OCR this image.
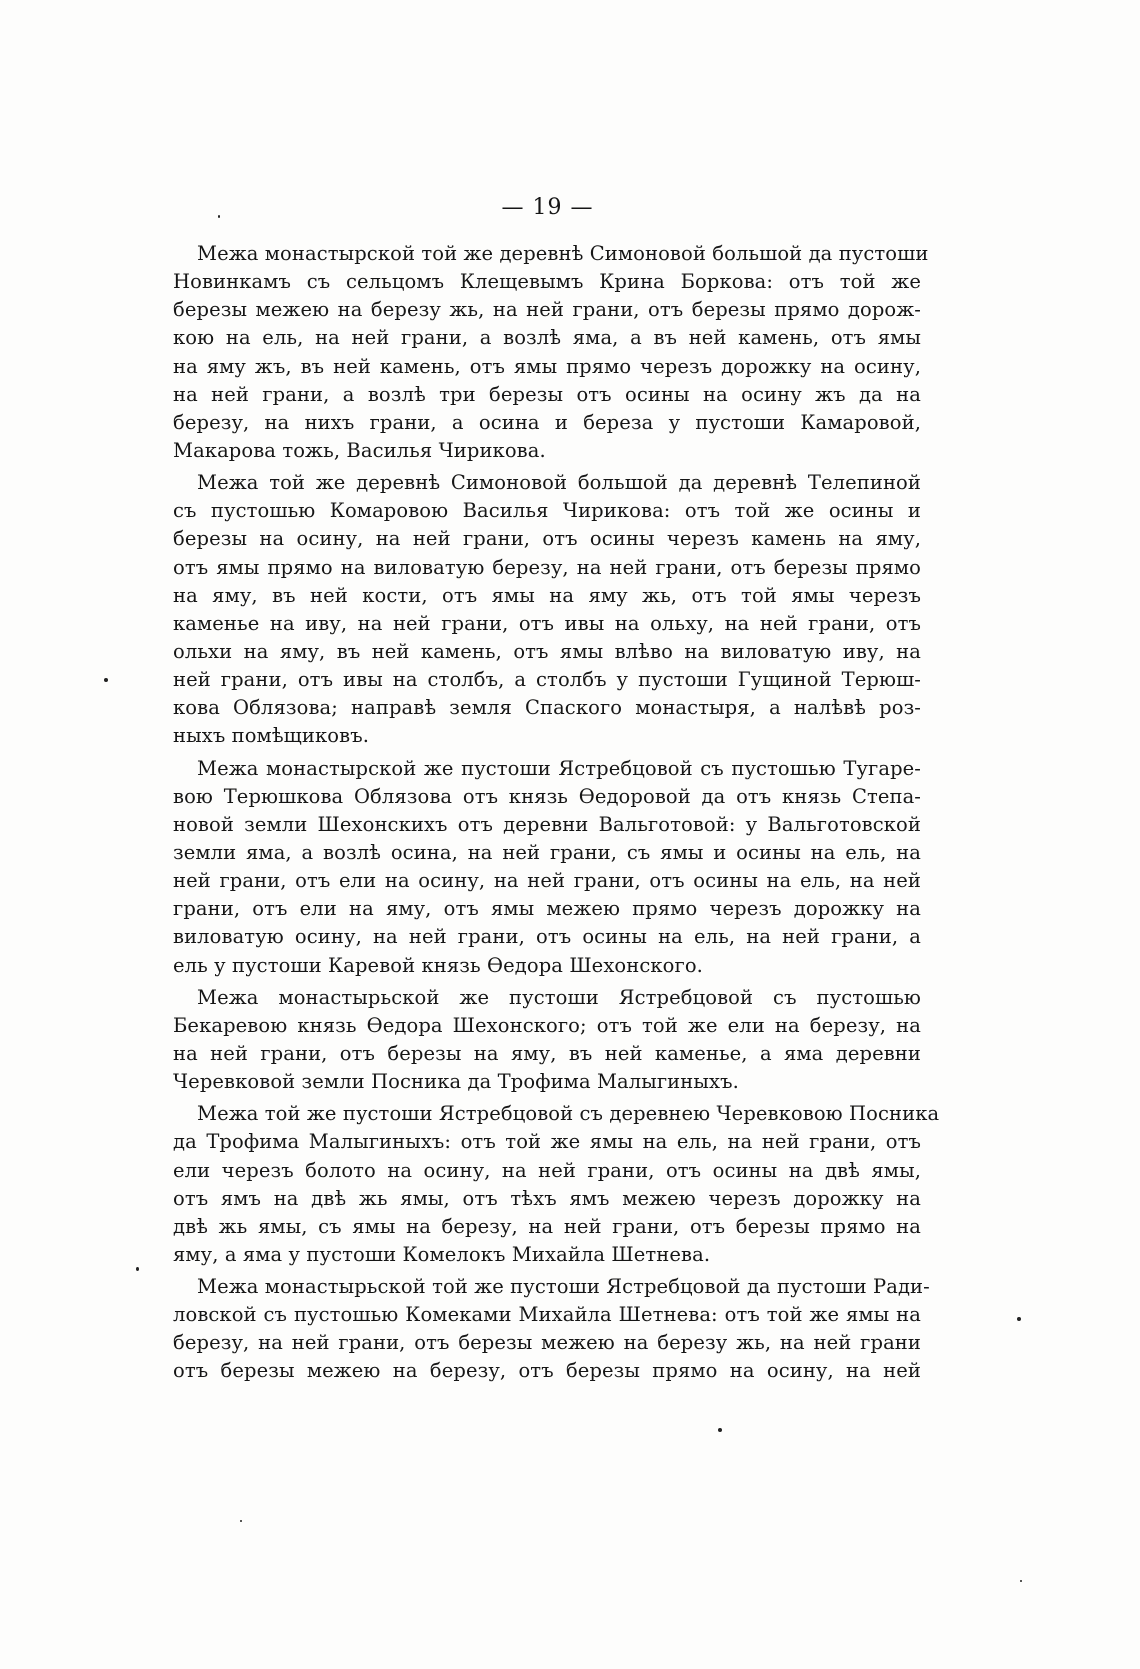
— 19 —
Межа монастырской той же деревнѣ Симоновой большой да пустоши
Новинкамъ съ сельцомъ Клещевымъ Крина Боркова: отъ той же
березы межею на березу жь, на ней грани, отъ березы прямо дорож-
кою на ель, на ней грани, а возлѣ яма, а въ ней камень, отъ ямы
на яму жъ, въ ней камень, отъ ямы прямо черезъ дорожку на осину,
на ней грани, а возлѣ три березы отъ осины на осину жъ да на
березу, на нихъ грани, а осина и береза у пустоши Камаровой,
Макарова тожь, Василья Чирикова.
Межа той же деревнѣ Симоновой большой да деревнѣ Телепиной
съ пустошью Комаровою Василья Чирикова: отъ той же осины и
березы на осину, на ней грани, отъ осины черезъ камень на яму,
отъ ямы прямо на виловатую березу, на ней грани, отъ березы прямо
на яму, въ ней кости, отъ ямы на яму жь, отъ той ямы черезъ
каменье на иву, на ней грани, отъ ивы на ольху, на ней грани, отъ
ольхи на яму, въ ней камень, отъ ямы влѣво на виловатую иву, на
ней грани, отъ ивы на столбъ, а столбъ у пустоши Гущиной Терюш-
кова Облязова; направѣ земля Спаского монастыря, а налѣвѣ роз-
ныхъ помѣщиковъ.
Межа монастырской же пустоши Ястребцовой съ пустошью Тугаре-
вою Терюшкова Облязова отъ князь Ѳедоровой да отъ князь Степа-
новой земли Шехонскихъ отъ деревни Вальготовой: у Вальготовской
земли яма, а возлѣ осина, на ней грани, съ ямы и осины на ель, на
ней грани, отъ ели на осину, на ней грани, отъ осины на ель, на ней
грани, отъ ели на яму, отъ ямы межею прямо черезъ дорожку на
виловатую осину, на ней грани, отъ осины на ель, на ней грани, а
ель у пустоши Каревой князь Ѳедора Шехонского.
Межа монастырьской же пустоши Ястребцовой съ пустошью
Бекаревою князь Ѳедора Шехонского; отъ той же ели на березу, на
на ней грани, отъ березы на яму, въ ней каменье, а яма деревни
Черевковой земли Посника да Трофима Малыгиныхъ.
Межа той же пустоши Ястребцовой съ деревнею Черевковою Посника
да Трофима Малыгиныхъ: отъ той же ямы на ель, на ней грани, отъ
ели черезъ болото на осину, на ней грани, отъ осины на двѣ ямы,
отъ ямъ на двѣ жь ямы, отъ тѣхъ ямъ межею черезъ дорожку на
двѣ жь ямы, съ ямы на березу, на ней грани, отъ березы прямо на
яму, а яма у пустоши Комелокъ Михайла Шетнева.
Межа монастырьской той же пустоши Ястребцовой да пустоши Ради-
ловской съ пустошью Комеками Михайла Шетнева: отъ той же ямы на
березу, на ней грани, отъ березы межею на березу жь, на ней грани
отъ березы межею на березу, отъ березы прямо на осину, на ней
